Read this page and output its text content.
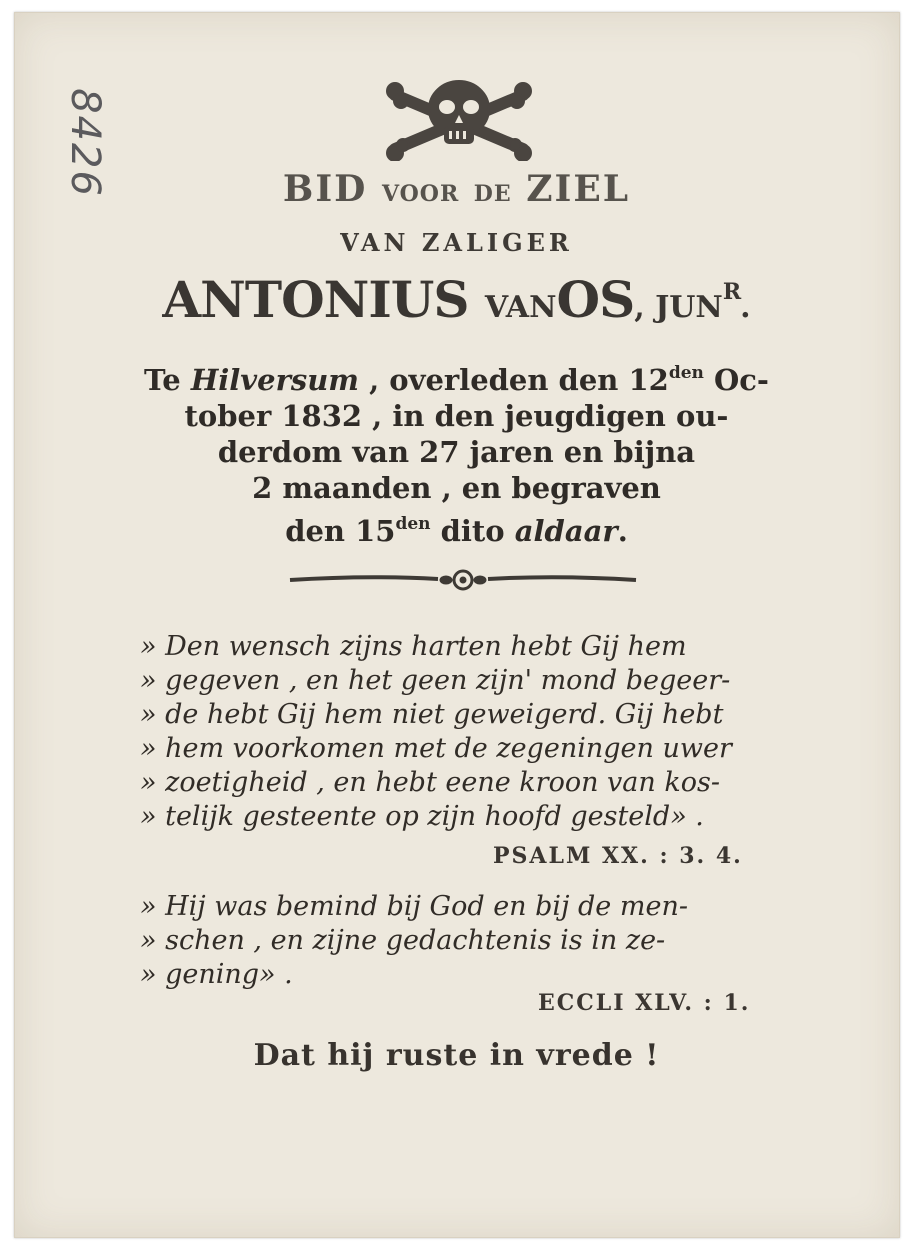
8426	BID VOOR DE ZIEL
VAN ZALIGER
ANTONIUS VANOS, $JUN^R$.
Te Hilversum , overleden den $12^{den}$ Oc-
tober 1832 , in den jeugdigen ou-
derdom van 27 jaren en bijna
2 maanden , en begraven
den $15^{den}$ dito aldaar.
» Den wensch zijns harten hebt Gij hem
» gegeven , en het geen zijn' mond begeer-
» de hebt Gij hem niet geweigerd. Gij hebt
» hem voorkomen met de zegeningen uwer
» zoetigheid , en hebt eene kroon van kos-
» telijk gesteente op zijn hoofd gesteld» .
PSALM XX. : 3. 4.
» Hij was bemind bij God en bij de men-
» schen , en zijne gedachtenis is in ze-
» gening» .
ECCLI XLV. : 1.
Dat hij ruste in vrede !
